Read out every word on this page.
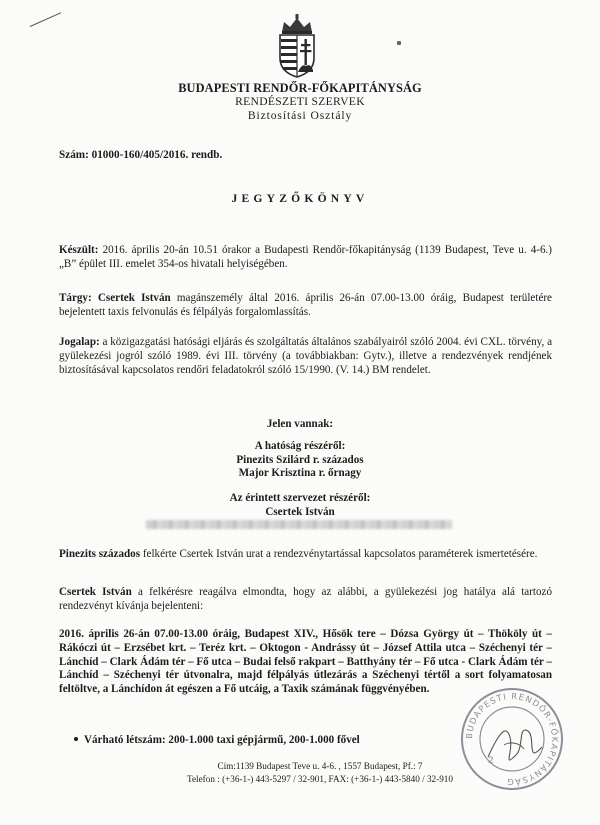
BUDAPESTI RENDŐR-FŐKAPITÁNYSÁG
RENDÉSZETI SZERVEK
Biztosítási Osztály
Szám: 01000-160/405/2016. rendb.
JEGYZŐKÖNYV
Készült: 2016. április 20-án 10.51 órakor a Budapesti Rendőr-főkapitányság (1139 Budapest, Teve u. 4-6.) „B” épület III. emelet 354-os hivatali helyiségében.
Tárgy: Csertek István magánszemély által 2016. április 26-án 07.00-13.00 óráig, Budapest területére bejelentett taxis felvonulás és félpályás forgalomlassítás.
Jogalap: a közigazgatási hatósági eljárás és szolgáltatás általános szabályairól szóló 2004. évi CXL. törvény, a gyülekezési jogról szóló 1989. évi III. törvény (a továbbiakban: Gytv.), illetve a rendezvények rendjének biztosításával kapcsolatos rendőri feladatokról szóló 15/1990. (V. 14.) BM rendelet.
Jelen vannak:
A hatóság részéről:
Pinezits Szilárd r. százados
Major Krisztina r. őrnagy
Az érintett szervezet részéről:
Csertek István
Pinezits százados felkérte Csertek István urat a rendezvénytartással kapcsolatos paraméterek ismertetésére.
Csertek István a felkérésre reagálva elmondta, hogy az alábbi, a gyülekezési jog hatálya alá tartozó rendezvényt kívánja bejelenteni:
2016. április 26-án 07.00-13.00 óráig, Budapest XIV., Hősök tere – Dózsa György út – Thököly út – Rákóczi út – Erzsébet krt. – Teréz krt. – Oktogon - Andrássy út – József Attila utca – Széchenyi tér – Lánchíd – Clark Ádám tér – Fő utca – Budai felső rakpart – Batthyány tér – Fő utca - Clark Ádám tér – Lánchíd – Széchenyi tér útvonalra, majd félpályás útlezárás a Széchenyi tértől a sort folyamatosan feltöltve, a Lánchídon át egészen a Fő utcáig, a Taxik számának függvényében.
Várható létszám: 200-1.000 taxi gépjármű, 200-1.000 fővel
Cím:1139 Budapest Teve u. 4-6. , 1557 Budapest, Pf.: 7
Telefon : (+36-1-) 443-5297 / 32-901, FAX: (+36-1-) 443-5840 / 32-910
BUDAPESTI RENDŐR-FŐKAPITÁNYSÁG
2
